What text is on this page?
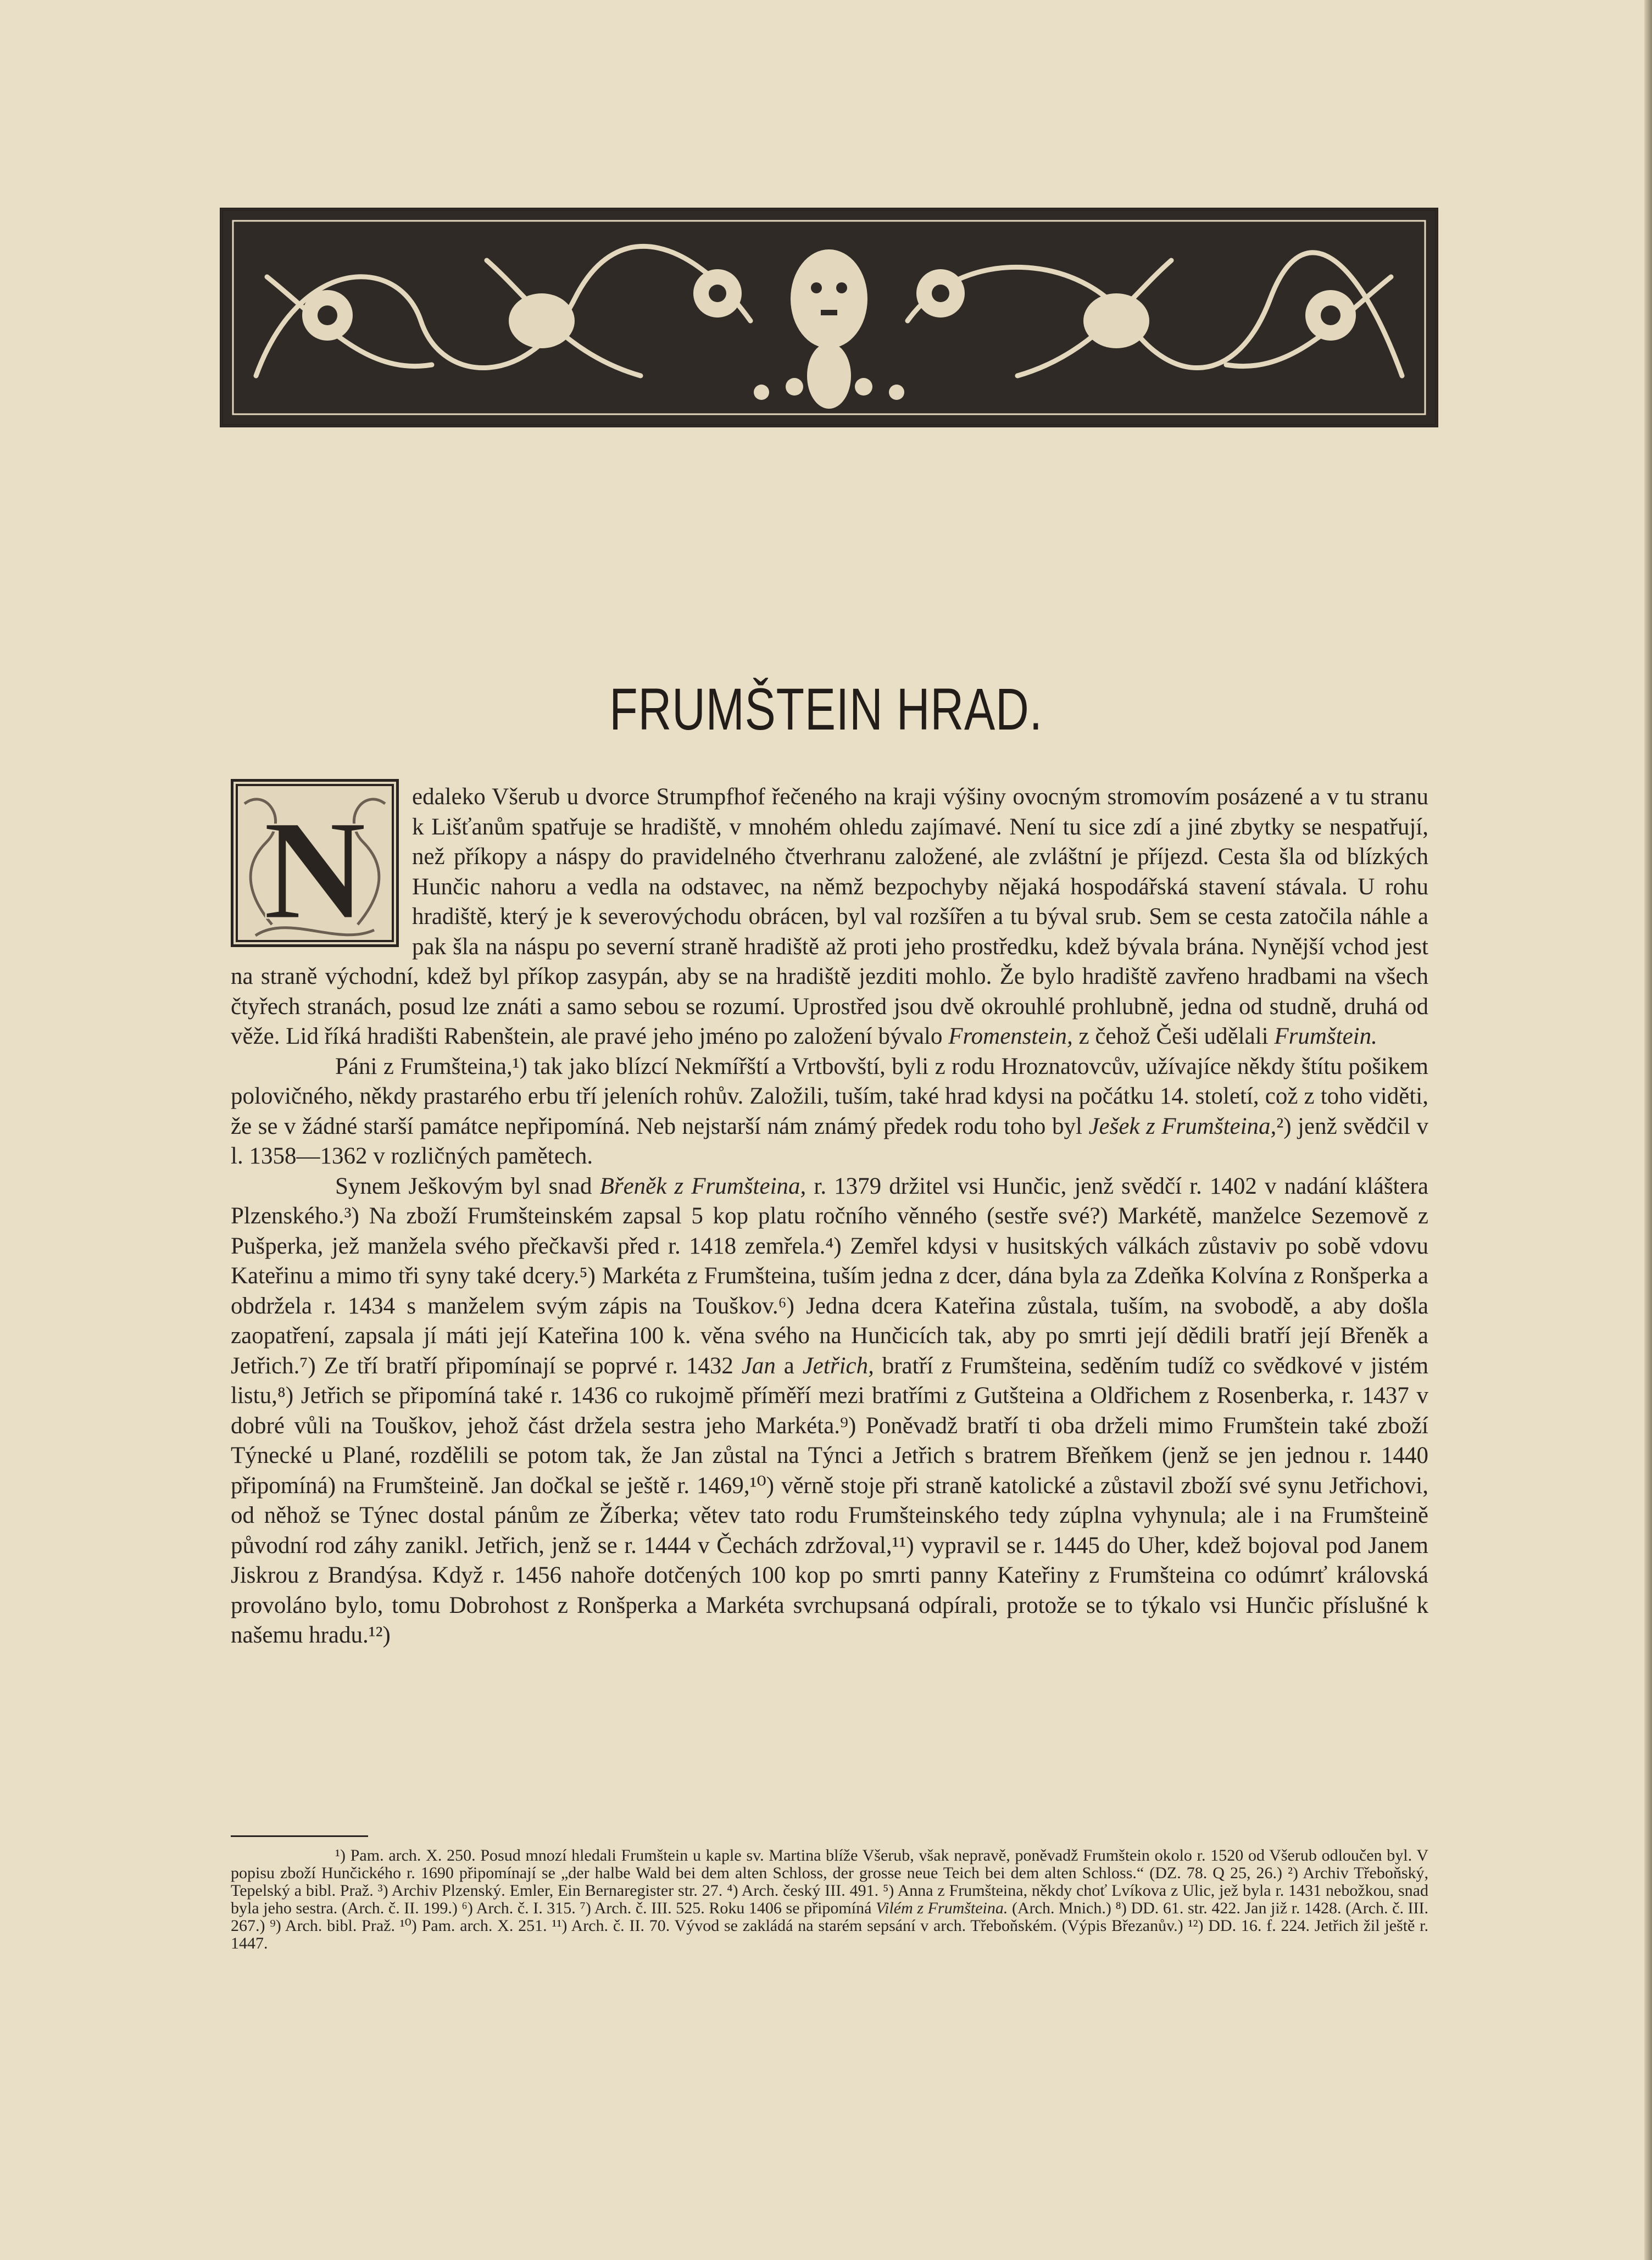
FRUMŠTEIN HRAD.
N	edaleko Všerub u dvorce Strumpfhof řečeného na kraji výšiny ovocným stromovím posázené a v tu stranu k Lišťanům spatřuje se hradiště, v mnohém ohledu zajímavé. Není tu sice zdí a jiné zbytky se nespatřují, než příkopy a náspy do pravidelného čtverhranu založené, ale zvláštní je příjezd. Cesta šla od blízkých Hunčic nahoru a vedla na odstavec, na němž bezpochyby nějaká hospodářská stavení stávala. U rohu hradiště, který je k severovýchodu obrácen, byl val rozšířen a tu býval srub. Sem se cesta zatočila náhle a pak šla na náspu po severní straně hradiště až proti jeho prostředku, kdež bývala brána. Nynější vchod jest na straně východní, kdež byl příkop zasypán, aby se na hradiště jezditi mohlo. Že bylo hradiště zavřeno hradbami na všech čtyřech stranách, posud lze znáti a samo sebou se rozumí. Uprostřed jsou dvě okrouhlé prohlubně, jedna od studně, druhá od věže. Lid říká hradišti Rabenštein, ale pravé jeho jméno po založení bývalo Fromenstein, z čehož Češi udělali Frumštein.

Páni z Frumšteina,¹) tak jako blízcí Nekmířští a Vrtbovští, byli z rodu Hroznatovcův, užívajíce někdy štítu pošikem polovičného, někdy prastarého erbu tří jeleních rohův. Založili, tuším, také hrad kdysi na počátku 14. století, což z toho viděti, že se v žádné starší památce nepřipomíná. Neb nejstarší nám známý předek rodu toho byl Ješek z Frumšteina,²) jenž svědčil v l. 1358—1362 v rozličných pamětech.

Synem Ješkovým byl snad Břeněk z Frumšteina, r. 1379 držitel vsi Hunčic, jenž svědčí r. 1402 v nadání kláštera Plzenského.³) Na zboží Frumšteinském zapsal 5 kop platu ročního věnného (sestře své?) Markétě, manželce Sezemově z Pušperka, jež manžela svého přečkavši před r. 1418 zemřela.⁴) Zemřel kdysi v husitských válkách zůstaviv po sobě vdovu Kateřinu a mimo tři syny také dcery.⁵) Markéta z Frumšteina, tuším jedna z dcer, dána byla za Zdeňka Kolvína z Ronšperka a obdržela r. 1434 s manželem svým zápis na Touškov.⁶) Jedna dcera Kateřina zůstala, tuším, na svobodě, a aby došla zaopatření, zapsala jí máti její Kateřina 100 k. věna svého na Hunčicích tak, aby po smrti její dědili bratří její Břeněk a Jetřich.⁷) Ze tří bratří připomínají se poprvé r. 1432 Jan a Jetřich, bratří z Frumšteina, seděním tudíž co svědkové v jistém listu,⁸) Jetřich se připomíná také r. 1436 co rukojmě příměří mezi bratřími z Gutšteina a Oldřichem z Rosenberka, r. 1437 v dobré vůli na Touškov, jehož část držela sestra jeho Markéta.⁹) Poněvadž bratří ti oba drželi mimo Frumštein také zboží Týnecké u Plané, rozdělili se potom tak, že Jan zůstal na Týnci a Jetřich s bratrem Břeňkem (jenž se jen jednou r. 1440 připomíná) na Frumšteině. Jan dočkal se ještě r. 1469,¹⁰) věrně stoje při straně katolické a zůstavil zboží své synu Jetřichovi, od něhož se Týnec dostal pánům ze Žíberka; větev tato rodu Frumšteinského tedy zúplna vyhynula; ale i na Frumšteině původní rod záhy zanikl. Jetřich, jenž se r. 1444 v Čechách zdržoval,¹¹) vypravil se r. 1445 do Uher, kdež bojoval pod Janem Jiskrou z Brandýsa. Když r. 1456 nahoře dotčených 100 kop po smrti panny Kateřiny z Frumšteina co odúmrť královská provoláno bylo, tomu Dobrohost z Ronšperka a Markéta svrchupsaná odpírali, protože se to týkalo vsi Hunčic příslušné k našemu hradu.¹²)

¹) Pam. arch. X. 250. Posud mnozí hledali Frumštein u kaple sv. Martina blíže Všerub, však nepravě, poněvadž Frumštein okolo r. 1520 od Všerub odloučen byl. V popisu zboží Hunčického r. 1690 připomínají se „der halbe Wald bei dem alten Schloss, der grosse neue Teich bei dem alten Schloss.“ (DZ. 78. Q 25, 26.) ²) Archiv Třeboňský, Tepelský a bibl. Praž. ³) Archiv Plzenský. Emler, Ein Bernaregister str. 27. ⁴) Arch. český III. 491. ⁵) Anna z Frumšteina, někdy choť Lvíkova z Ulic, jež byla r. 1431 nebožkou, snad byla jeho sestra. (Arch. č. II. 199.) ⁶) Arch. č. I. 315. ⁷) Arch. č. III. 525. Roku 1406 se připomíná Vilém z Frumšteina. (Arch. Mnich.) ⁸) DD. 61. str. 422. Jan již r. 1428. (Arch. č. III. 267.) ⁹) Arch. bibl. Praž. ¹⁰) Pam. arch. X. 251. ¹¹) Arch. č. II. 70. Vývod se zakládá na starém sepsání v arch. Třeboňském. (Výpis Březanův.) ¹²) DD. 16. f. 224. Jetřich žil ještě r. 1447.
